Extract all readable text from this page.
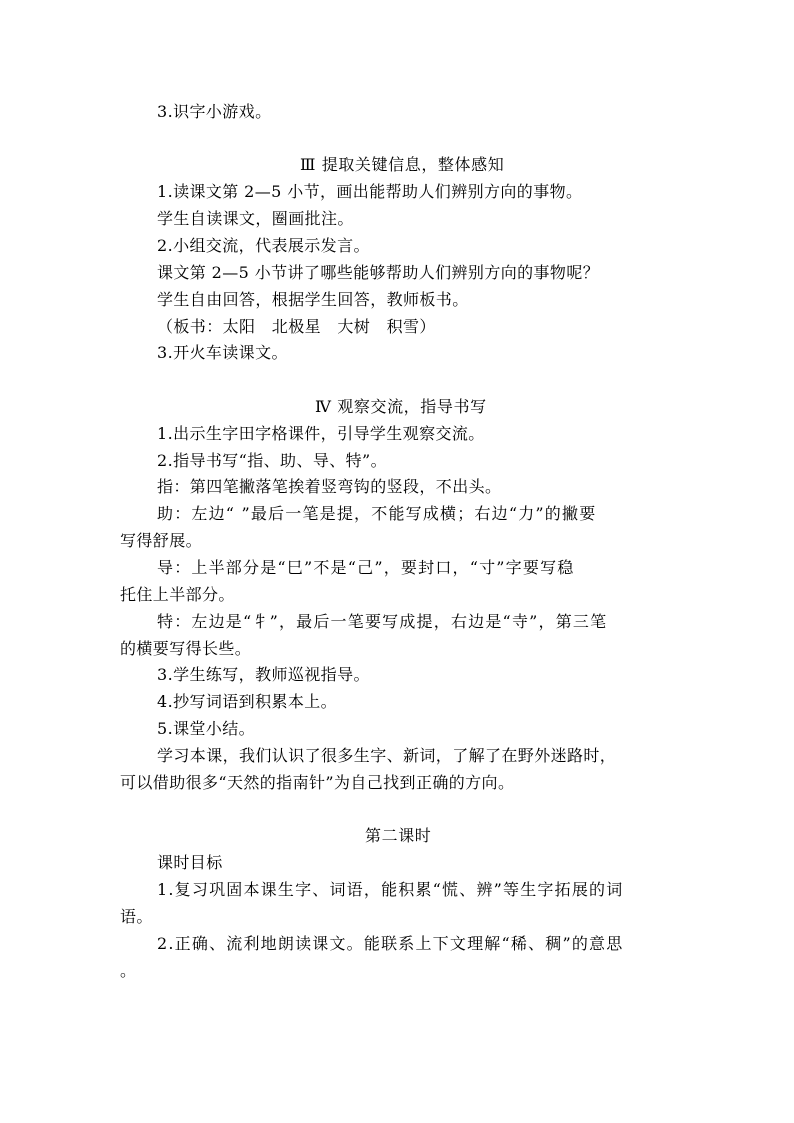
3.识字小游戏。
Ⅲ 提取关键信息，整体感知
1.读课文第 2—5 小节，画出能帮助人们辨别方向的事物。
学生自读课文，圈画批注。
2.小组交流，代表展示发言。
课文第 2—5 小节讲了哪些能够帮助人们辨别方向的事物呢？
学生自由回答，根据学生回答，教师板书。
（板书：太阳　北极星　大树　积雪）
3.开火车读课文。
Ⅳ 观察交流，指导书写
1.出示生字田字格课件，引导学生观察交流。
2.指导书写“指、助、导、特”。
指：第四笔撇落笔挨着竖弯钩的竖段，不出头。
助：左边“ ”最后一笔是提，不能写成横；右边“力”的撇要
写得舒展。
导：上半部分是“巳”不是“己”，要封口，“寸”字要写稳
托住上半部分。
特：左边是“牜”，最后一笔要写成提，右边是“寺”，第三笔
的横要写得长些。
3.学生练写，教师巡视指导。
4.抄写词语到积累本上。
5.课堂小结。
学习本课，我们认识了很多生字、新词，了解了在野外迷路时，
可以借助很多“天然的指南针”为自己找到正确的方向。
第二课时
课时目标
1.复习巩固本课生字、词语，能积累“慌、辨”等生字拓展的词
语。
2.正确、流利地朗读课文。能联系上下文理解“稀、稠”的意思
。
